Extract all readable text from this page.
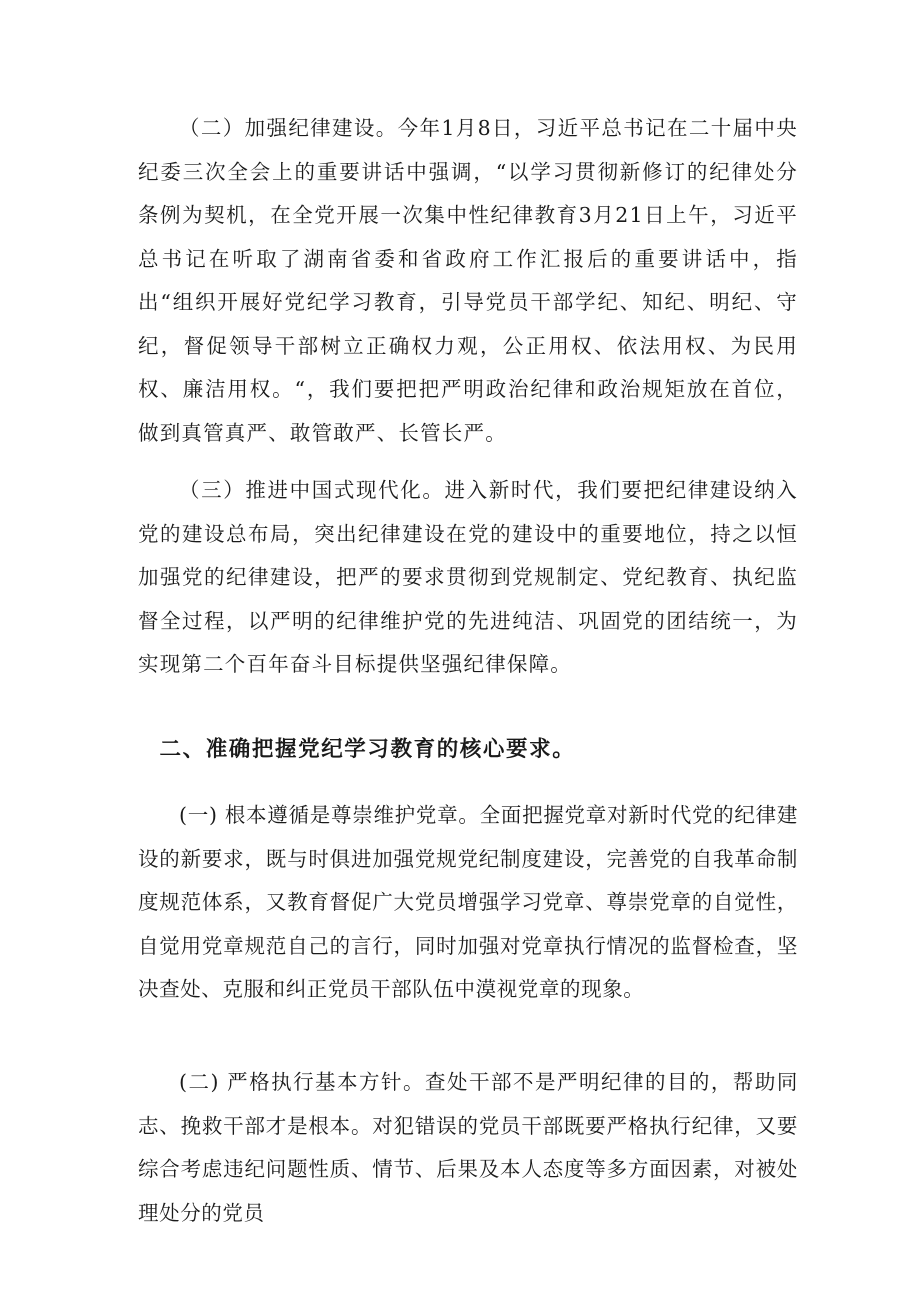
（二）加强纪律建设。今年1月8日，习近平总书记在二十届中央纪委三次全会上的重要讲话中强调，“以学习贯彻新修订的纪律处分条例为契机，在全党开展一次集中性纪律教育3月21日上午，习近平总书记在听取了湖南省委和省政府工作汇报后的重要讲话中，指出“组织开展好党纪学习教育，引导党员干部学纪、知纪、明纪、守纪，督促领导干部树立正确权力观，公正用权、依法用权、为民用权、廉洁用权。“，我们要把把严明政治纪律和政治规矩放在首位，做到真管真严、敢管敢严、长管长严。

（三）推进中国式现代化。进入新时代，我们要把纪律建设纳入党的建设总布局，突出纪律建设在党的建设中的重要地位，持之以恒加强党的纪律建设，把严的要求贯彻到党规制定、党纪教育、执纪监督全过程，以严明的纪律维护党的先进纯洁、巩固党的团结统一，为实现第二个百年奋斗目标提供坚强纪律保障。

二、准确把握党纪学习教育的核心要求。

(一) 根本遵循是尊崇维护党章。全面把握党章对新时代党的纪律建设的新要求，既与时俱进加强党规党纪制度建设，完善党的自我革命制度规范体系，又教育督促广大党员增强学习党章、尊崇党章的自觉性，自觉用党章规范自己的言行，同时加强对党章执行情况的监督检查，坚决查处、克服和纠正党员干部队伍中漠视党章的现象。

(二) 严格执行基本方针。查处干部不是严明纪律的目的，帮助同志、挽救干部才是根本。对犯错误的党员干部既要严格执行纪律，又要综合考虑违纪问题性质、情节、后果及本人态度等多方面因素，对被处理处分的党员
